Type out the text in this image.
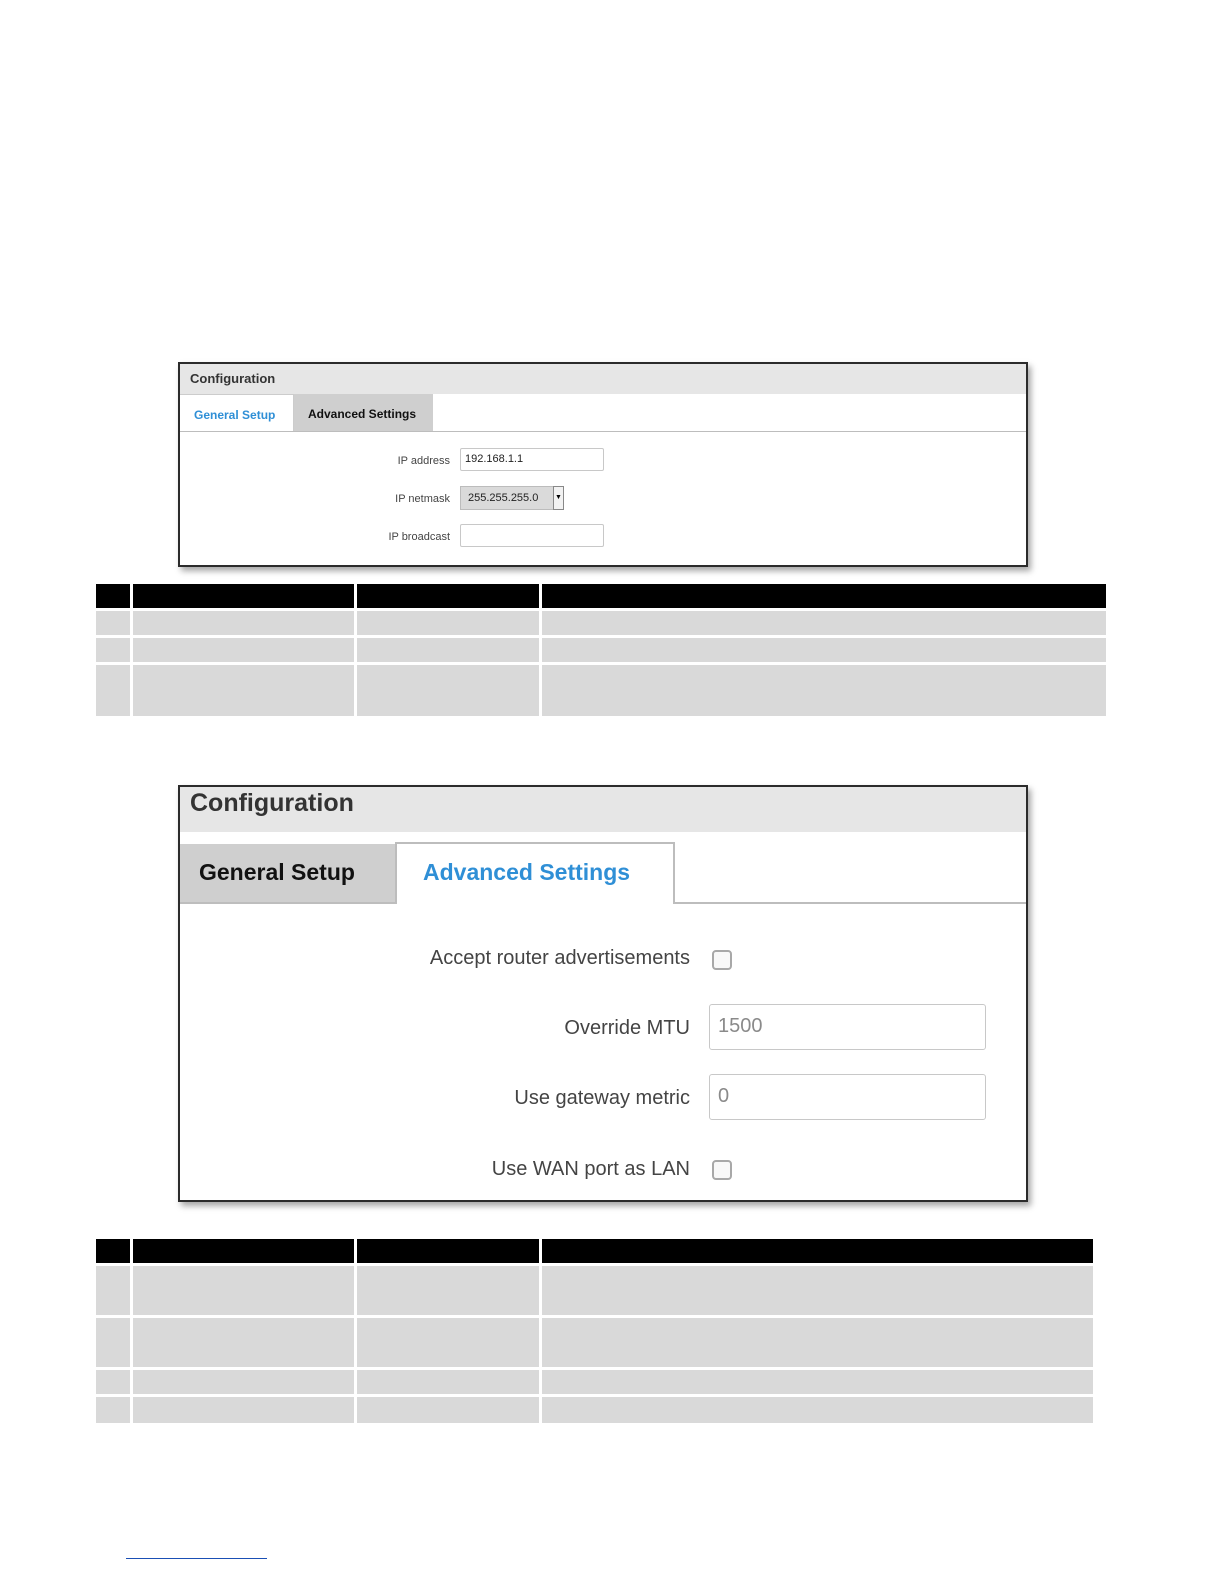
Configuration
General Setup	Advanced Settings
IP address	192.168.1.1
IP netmask	255.255.255.0 ▼
IP broadcast

Configuration
General Setup	Advanced Settings
Accept router advertisements
Override MTU	1500
Use gateway metric	0
Use WAN port as LAN
